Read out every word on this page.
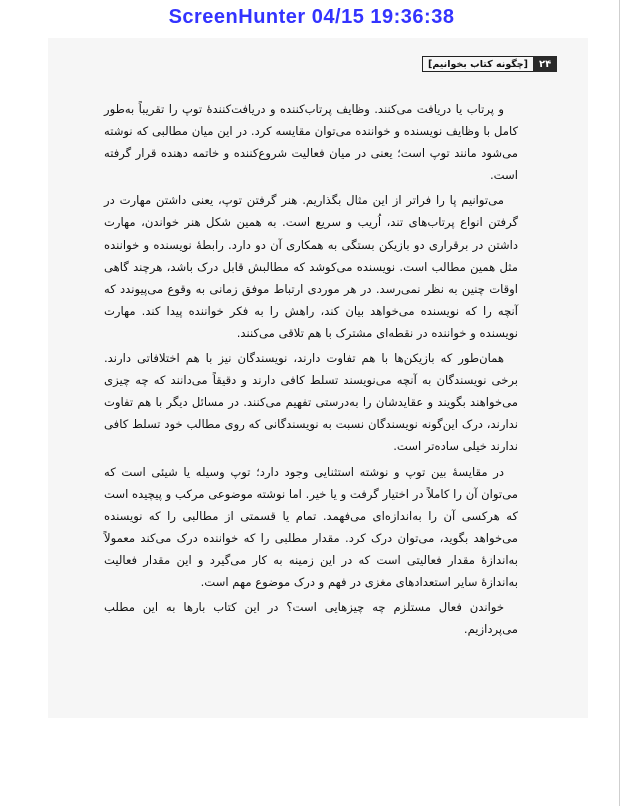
ScreenHunter 04/15 19:36:38
۲۴
[چگونه کتاب بخوانیم]

و پرتاب یا دریافت می‌کنند. وظایف پرتاب‌کننده و دریافت‌کنندهٔ توپ را تقریباً به‌طور کامل با وظایف نویسنده و خواننده می‌توان مقایسه کرد. در این میان مطالبی که نوشته می‌شود مانند توپ است؛ یعنی در میان فعالیت شروع‌کننده و خاتمه دهنده قرار گرفته است.

می‌توانیم پا را فراتر از این مثال بگذاریم. هنر گرفتن توپ، یعنی داشتن مهارت در گرفتن انواع پرتاب‌های تند، اُریب و سریع است. به همین شکل هنر خواندن، مهارت داشتن در برقراری دو بازیکن بستگی به همکاری آن دو دارد. رابطهٔ نویسنده و خواننده مثل همین مطالب است. نویسنده می‌کوشد که مطالبش قابل درک باشد، هرچند گاهی اوقات چنین به نظر نمی‌رسد. در هر موردی ارتباط موفق زمانی به وقوع می‌پیوندد که آنچه را که نویسنده می‌خواهد بیان کند، راهش را به فکر خواننده پیدا کند. مهارت نویسنده و خواننده در نقطه‌ای مشترک با هم تلاقی می‌کنند.

همان‌طور که بازیکن‌ها با هم تفاوت دارند، نویسندگان نیز با هم اختلافاتی دارند. برخی نویسندگان به آنچه می‌نویسند تسلط کافی دارند و دقیقاً می‌دانند که چه چیزی می‌خواهند بگویند و عقایدشان را به‌درستی تفهیم می‌کنند. در مسائل دیگر با هم تفاوت ندارند، درک این‌گونه نویسندگان نسبت به نویسندگانی که روی مطالب خود تسلط کافی ندارند خیلی ساده‌تر است.

در مقایسهٔ بین توپ و نوشته استثنایی وجود دارد؛ توپ وسیله یا شیئی است که می‌توان آن را کاملاً در اختیار گرفت و یا خیر. اما نوشته موضوعی مرکب و پیچیده است که هرکسی آن را به‌اندازه‌ای می‌فهمد. تمام یا قسمتی از مطالبی را که نویسنده می‌خواهد بگوید، می‌توان درک کرد. مقدار مطلبی را که خواننده درک می‌کند معمولاً به‌اندازهٔ مقدار فعالیتی است که در این زمینه به کار می‌گیرد و این مقدار فعالیت به‌اندازهٔ سایر استعدادهای مغزی در فهم و درک موضوع مهم است.

خواندن فعال مستلزم چه چیزهایی است؟ در این کتاب بارها به این مطلب می‌پردازیم.
